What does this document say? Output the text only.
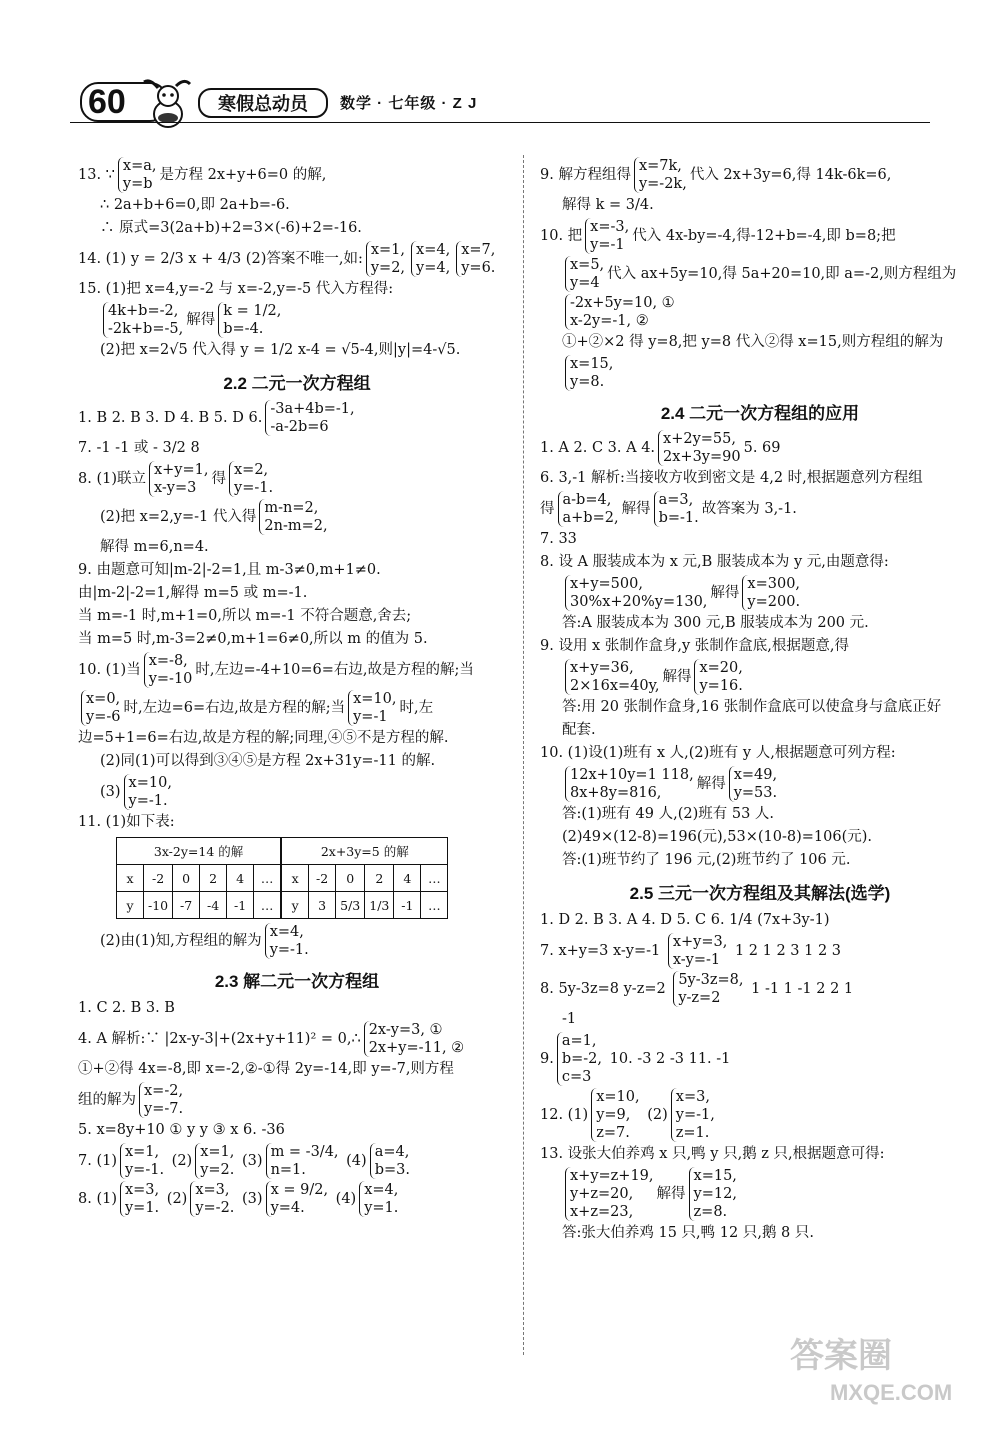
60	寒假总动员	数学 · 七年级 · Z J
13. ∵
x=a,
y=b
是方程 2x+y+6=0 的解,
∴ 2a+b+6=0,即 2a+b=-6.
∴ 原式=3(2a+b)+2=3×(-6)+2=-16.
14. (1) y = 2/3 x + 4/3 (2)答案不唯一,如:
x=1,
y=2,
x=4,
y=4,
x=7,
y=6.
15. (1)把 x=4,y=-2 与 x=-2,y=-5 代入方程得:
4k+b=-2,
-2k+b=-5,
解得
k = 1/2,
b=-4.
(2)把 x=2√5 代入得 y = 1/2 x-4 = √5-4,则|y|=4-√5.
2.2 二元一次方程组
1. B 2. B 3. D 4. B 5. D 6.
-3a+4b=-1,
-a-2b=6
7. -1 -1 或 - 3/2 8
8. (1)联立
x+y=1,
x-y=3
得
x=2,
y=-1.
(2)把 x=2,y=-1 代入得
m-n=2,
2n-m=2,
解得 m=6,n=4.
9. 由题意可知|m-2|-2=1,且 m-3≠0,m+1≠0.
由|m-2|-2=1,解得 m=5 或 m=-1.
当 m=-1 时,m+1=0,所以 m=-1 不符合题意,舍去;
当 m=5 时,m-3=2≠0,m+1=6≠0,所以 m 的值为 5.
10. (1)当
x=-8,
y=-10
时,左边=-4+10=6=右边,故是方程的解;当
x=0,
y=-6
时,左边=6=右边,故是方程的解;当
x=10,
y=-1
时,左
边=5+1=6=右边,故是方程的解;同理,④⑤不是方程的解.
(2)同(1)可以得到③④⑤是方程 2x+31y=-11 的解.
(3)
x=10,
y=-1.
11. (1)如下表:
3x-2y=14 的解						2x+3y=5 的解					
x	-2	0	2	4	…	x	-2	0	2	4	…
y	-10	-7	-4	-1	…	y	3	5/3	1/3	-1	…
(2)由(1)知,方程组的解为
x=4,
y=-1.
2.3 解二元一次方程组
1. C 2. B 3. B
4. A 解析:∵ |2x-y-3|+(2x+y+11)² = 0,∴
2x-y=3, ①
2x+y=-11, ②
①+②得 4x=-8,即 x=-2,②-①得 2y=-14,即 y=-7,则方程
组的解为
x=-2,
y=-7.
5. x=8y+10 ① y y ③ x 6. -36
7. (1)
x=1,
y=-1.
(2)
x=1,
y=2.
(3)
m = -3/4,
n=1.
(4)
a=4,
b=3.
8. (1)
x=3,
y=1.
(2)
x=3,
y=-2.
(3)
x = 9/2,
y=4.
(4)
x=4,
y=1.
9. 解方程组得
x=7k,
y=-2k,
代入 2x+3y=6,得 14k-6k=6,
解得 k = 3/4.
10. 把
x=-3,
y=-1
代入 4x-by=-4,得-12+b=-4,即 b=8;把
x=5,
y=4
代入 ax+5y=10,得 5a+20=10,即 a=-2,则方程组为
-2x+5y=10, ①
x-2y=-1, ②
①+②×2 得 y=8,把 y=8 代入②得 x=15,则方程组的解为
x=15,
y=8.
2.4 二元一次方程组的应用
1. A 2. C 3. A 4.
x+2y=55,
2x+3y=90
5. 69
6. 3,-1 解析:当接收方收到密文是 4,2 时,根据题意列方程组
得
a-b=4,
a+b=2,
解得
a=3,
b=-1.
故答案为 3,-1.
7. 33
8. 设 A 服装成本为 x 元,B 服装成本为 y 元,由题意得:
x+y=500,
30%x+20%y=130,
解得
x=300,
y=200.
答:A 服装成本为 300 元,B 服装成本为 200 元.
9. 设用 x 张制作盒身,y 张制作盒底,根据题意,得
x+y=36,
2×16x=40y,
解得
x=20,
y=16.
答:用 20 张制作盒身,16 张制作盒底可以使盒身与盒底正好
配套.
10. (1)设(1)班有 x 人,(2)班有 y 人,根据题意可列方程:
12x+10y=1 118,
8x+8y=816,
解得
x=49,
y=53.
答:(1)班有 49 人,(2)班有 53 人.
(2)49×(12-8)=196(元),53×(10-8)=106(元).
答:(1)班节约了 196 元,(2)班节约了 106 元.
2.5 三元一次方程组及其解法(选学)
1. D 2. B 3. A 4. D 5. C 6. 1/4 (7x+3y-1)
7. x+y=3 x-y=-1
x+y=3,
x-y=-1
1 2 1 2 3 1 2 3
8. 5y-3z=8 y-z=2
5y-3z=8,
y-z=2
1 -1 1 -1 2 2 1
-1
9.
a=1,
b=-2,
c=3
10. -3 2 -3 11. -1
12. (1)
x=10,
y=9,
z=7.
(2)
x=3,
y=-1,
z=1.
13. 设张大伯养鸡 x 只,鸭 y 只,鹅 z 只,根据题意可得:
x+y=z+19,
y+z=20,
x+z=23,
解得
x=15,
y=12,
z=8.
答:张大伯养鸡 15 只,鸭 12 只,鹅 8 只.
答案圈
MXQE.COM
